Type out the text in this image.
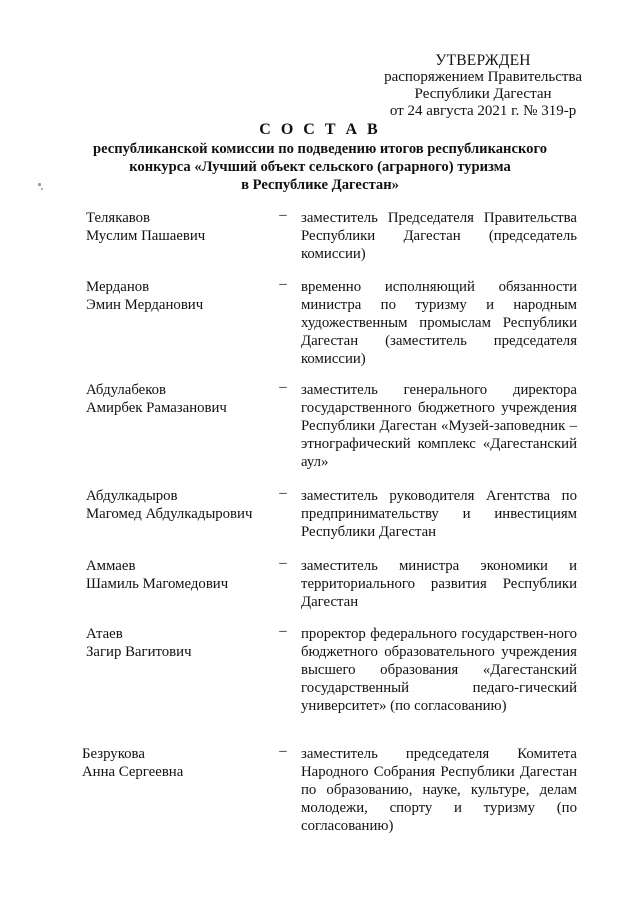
УТВЕРЖДЕН
распоряжением Правительства
Республики Дагестан
от 24 августа 2021 г. № 319-р
С О С Т А В
республиканской комиссии по подведению итогов республиканского
конкурса «Лучший объект сельского (аграрного) туризма
в Республике Дагестан»
Телякавов
Муслим Пашаевич
– заместитель Председателя Правительства Республики Дагестан (председатель комиссии)
Мерданов
Эмин Мерданович
– временно исполняющий обязанности министра по туризму и народным художественным промыслам Республики Дагестан (заместитель председателя комиссии)
Абдулабеков
Амирбек Рамазанович
– заместитель генерального директора государственного бюджетного учреждения Республики Дагестан «Музей-заповедник – этнографический комплекс «Дагестанский аул»
Абдулкадыров
Магомед Абдулкадырович
– заместитель руководителя Агентства по предпринимательству и инвестициям Республики Дагестан
Аммаев
Шамиль Магомедович
– заместитель министра экономики и территориального развития Республики Дагестан
Атаев
Загир Вагитович
– проректор федерального государствен-ного бюджетного образовательного учреждения высшего образования «Дагестанский государственный педаго-гический университет» (по согласованию)
Безрукова
Анна Сергеевна
– заместитель председателя Комитета Народного Собрания Республики Дагестан по образованию, науке, культуре, делам молодежи, спорту и туризму (по согласованию)
